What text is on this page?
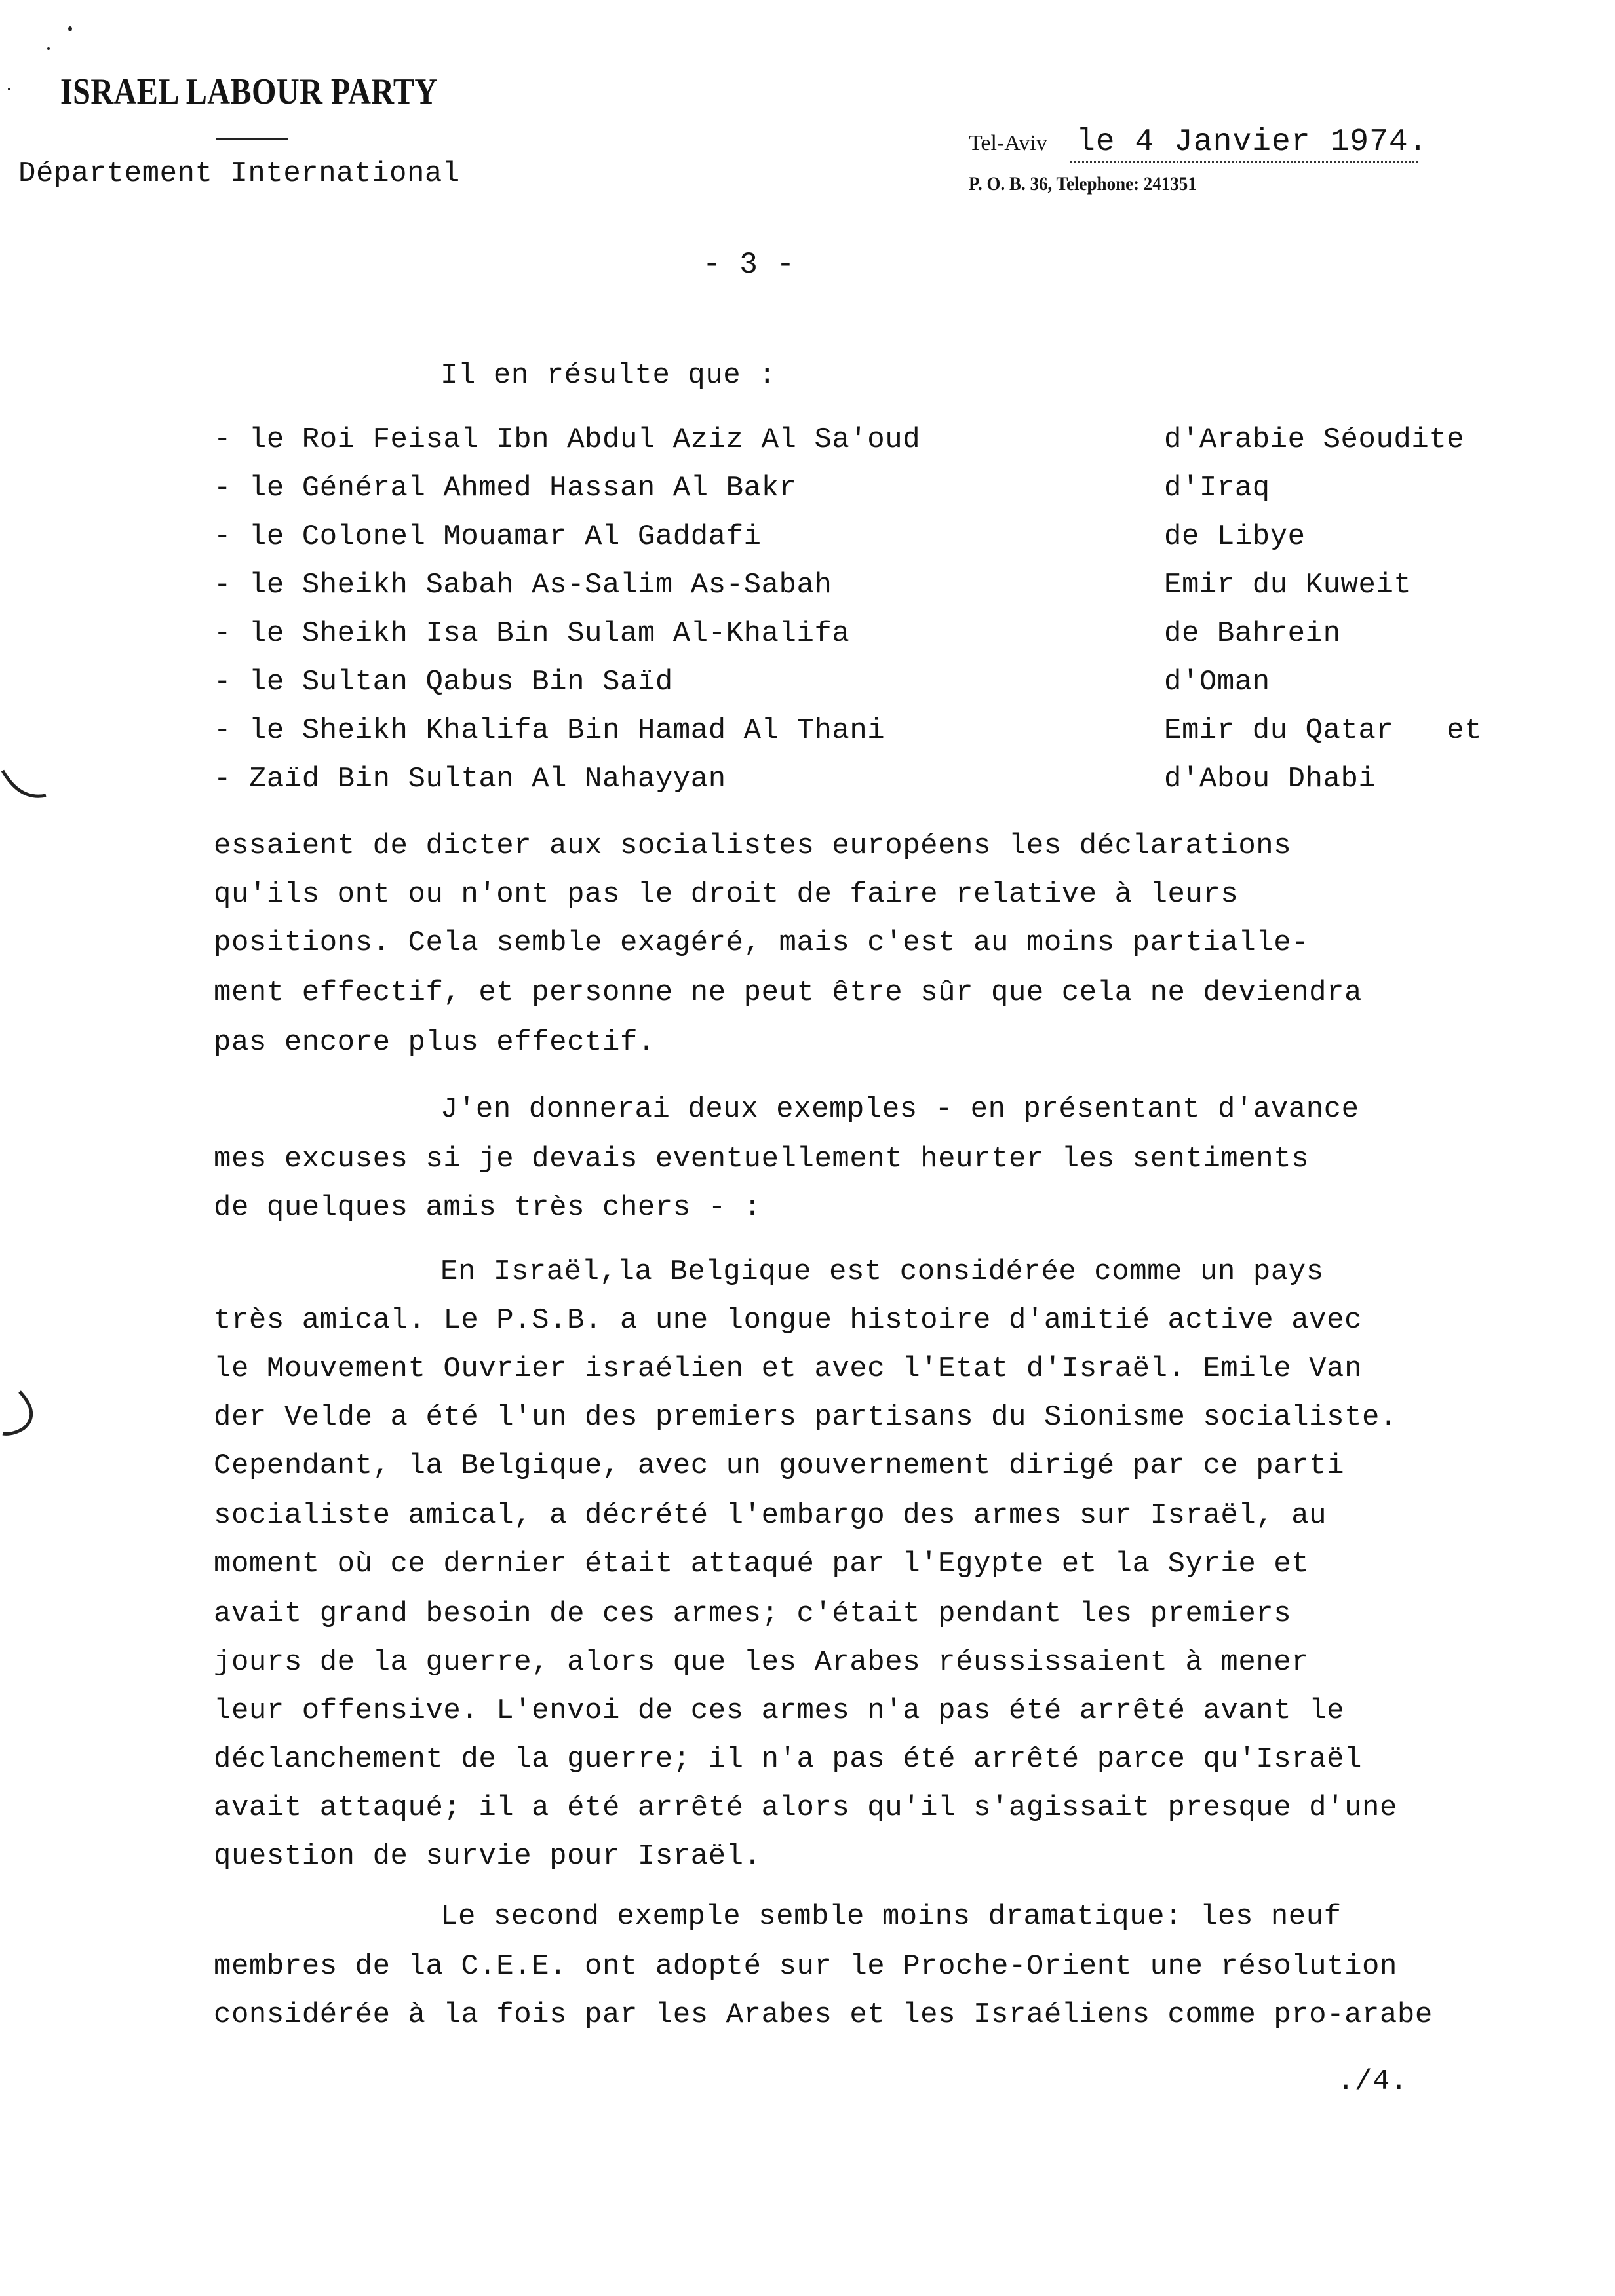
ISRAEL LABOUR PARTY
Département International
Tel-Aviv le 4 Janvier 1974.
P. O. B. 36, Telephone: 241351
- 3 -
Il en résulte que :
- le Roi Feisal Ibn Abdul Aziz Al Sa'oud	d'Arabie Séoudite
- le Général Ahmed Hassan Al Bakr	d'Iraq
- le Colonel Mouamar Al Gaddafi	de Libye
- le Sheikh Sabah As-Salim As-Sabah	Emir du Kuweit
- le Sheikh Isa Bin Sulam Al-Khalifa	de Bahrein
- le Sultan Qabus Bin Saïd	d'Oman
- le Sheikh Khalifa Bin Hamad Al Thani	Emir du Qatar   et
- Zaïd Bin Sultan Al Nahayyan	d'Abou Dhabi
essaient de dicter aux socialistes européens les déclarations
qu'ils ont ou n'ont pas le droit de faire relative à leurs
positions. Cela semble exagéré, mais c'est au moins partialle-
ment effectif, et personne ne peut être sûr que cela ne deviendra
pas encore plus effectif.
J'en donnerai deux exemples - en présentant d'avance
mes excuses si je devais eventuellement heurter les sentiments
de quelques amis très chers - :
En Israël,la Belgique est considérée comme un pays
très amical. Le P.S.B. a une longue histoire d'amitié active avec
le Mouvement Ouvrier israélien et avec l'Etat d'Israël. Emile Van
der Velde a été l'un des premiers partisans du Sionisme socialiste.
Cependant, la Belgique, avec un gouvernement dirigé par ce parti
socialiste amical, a décrété l'embargo des armes sur Israël, au
moment où ce dernier était attaqué par l'Egypte et la Syrie et
avait grand besoin de ces armes; c'était pendant les premiers
jours de la guerre, alors que les Arabes réussissaient à mener
leur offensive. L'envoi de ces armes n'a pas été arrêté avant le
déclanchement de la guerre; il n'a pas été arrêté parce qu'Israël
avait attaqué; il a été arrêté alors qu'il s'agissait presque d'une
question de survie pour Israël.
Le second exemple semble moins dramatique: les neuf
membres de la C.E.E. ont adopté sur le Proche-Orient une résolution
considérée à la fois par les Arabes et les Israéliens comme pro-arabe
./4.
